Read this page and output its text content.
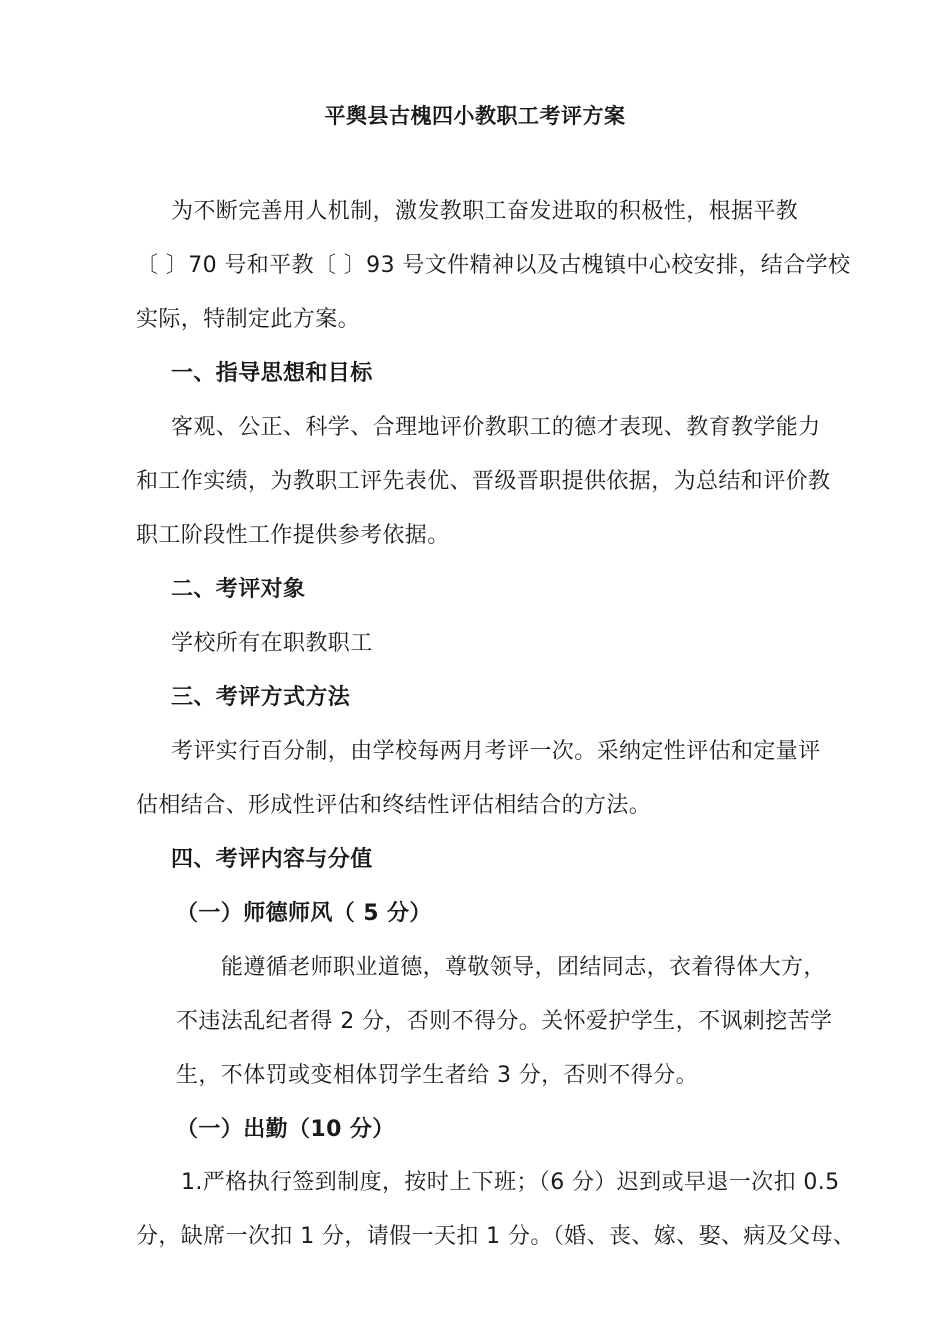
平舆县古槐四小教职工考评方案
为不断完善用人机制，激发教职工奋发进取的积极性，根据平教
〔 〕70 号和平教〔 〕93 号文件精神以及古槐镇中心校安排，结合学校
实际，特制定此方案。
一、指导思想和目标
客观、公正、科学、合理地评价教职工的德才表现、教育教学能力
和工作实绩，为教职工评先表优、晋级晋职提供依据，为总结和评价教
职工阶段性工作提供参考依据。
二、考评对象
学校所有在职教职工
三、考评方式方法
考评实行百分制，由学校每两月考评一次。采纳定性评估和定量评
估相结合、形成性评估和终结性评估相结合的方法。
四、考评内容与分值
（一）师德师风（ 5 分）
能遵循老师职业道德，尊敬领导，团结同志，衣着得体大方，
不违法乱纪者得 2 分，否则不得分。关怀爱护学生，不讽刺挖苦学
生，不体罚或变相体罚学生者给 3 分，否则不得分。
（一）出勤（10 分）
1.严格执行签到制度，按时上下班；（6 分）迟到或早退一次扣 0.5
分，缺席一次扣 1 分，请假一天扣 1 分。（婚、丧、嫁、娶、病及父母、
